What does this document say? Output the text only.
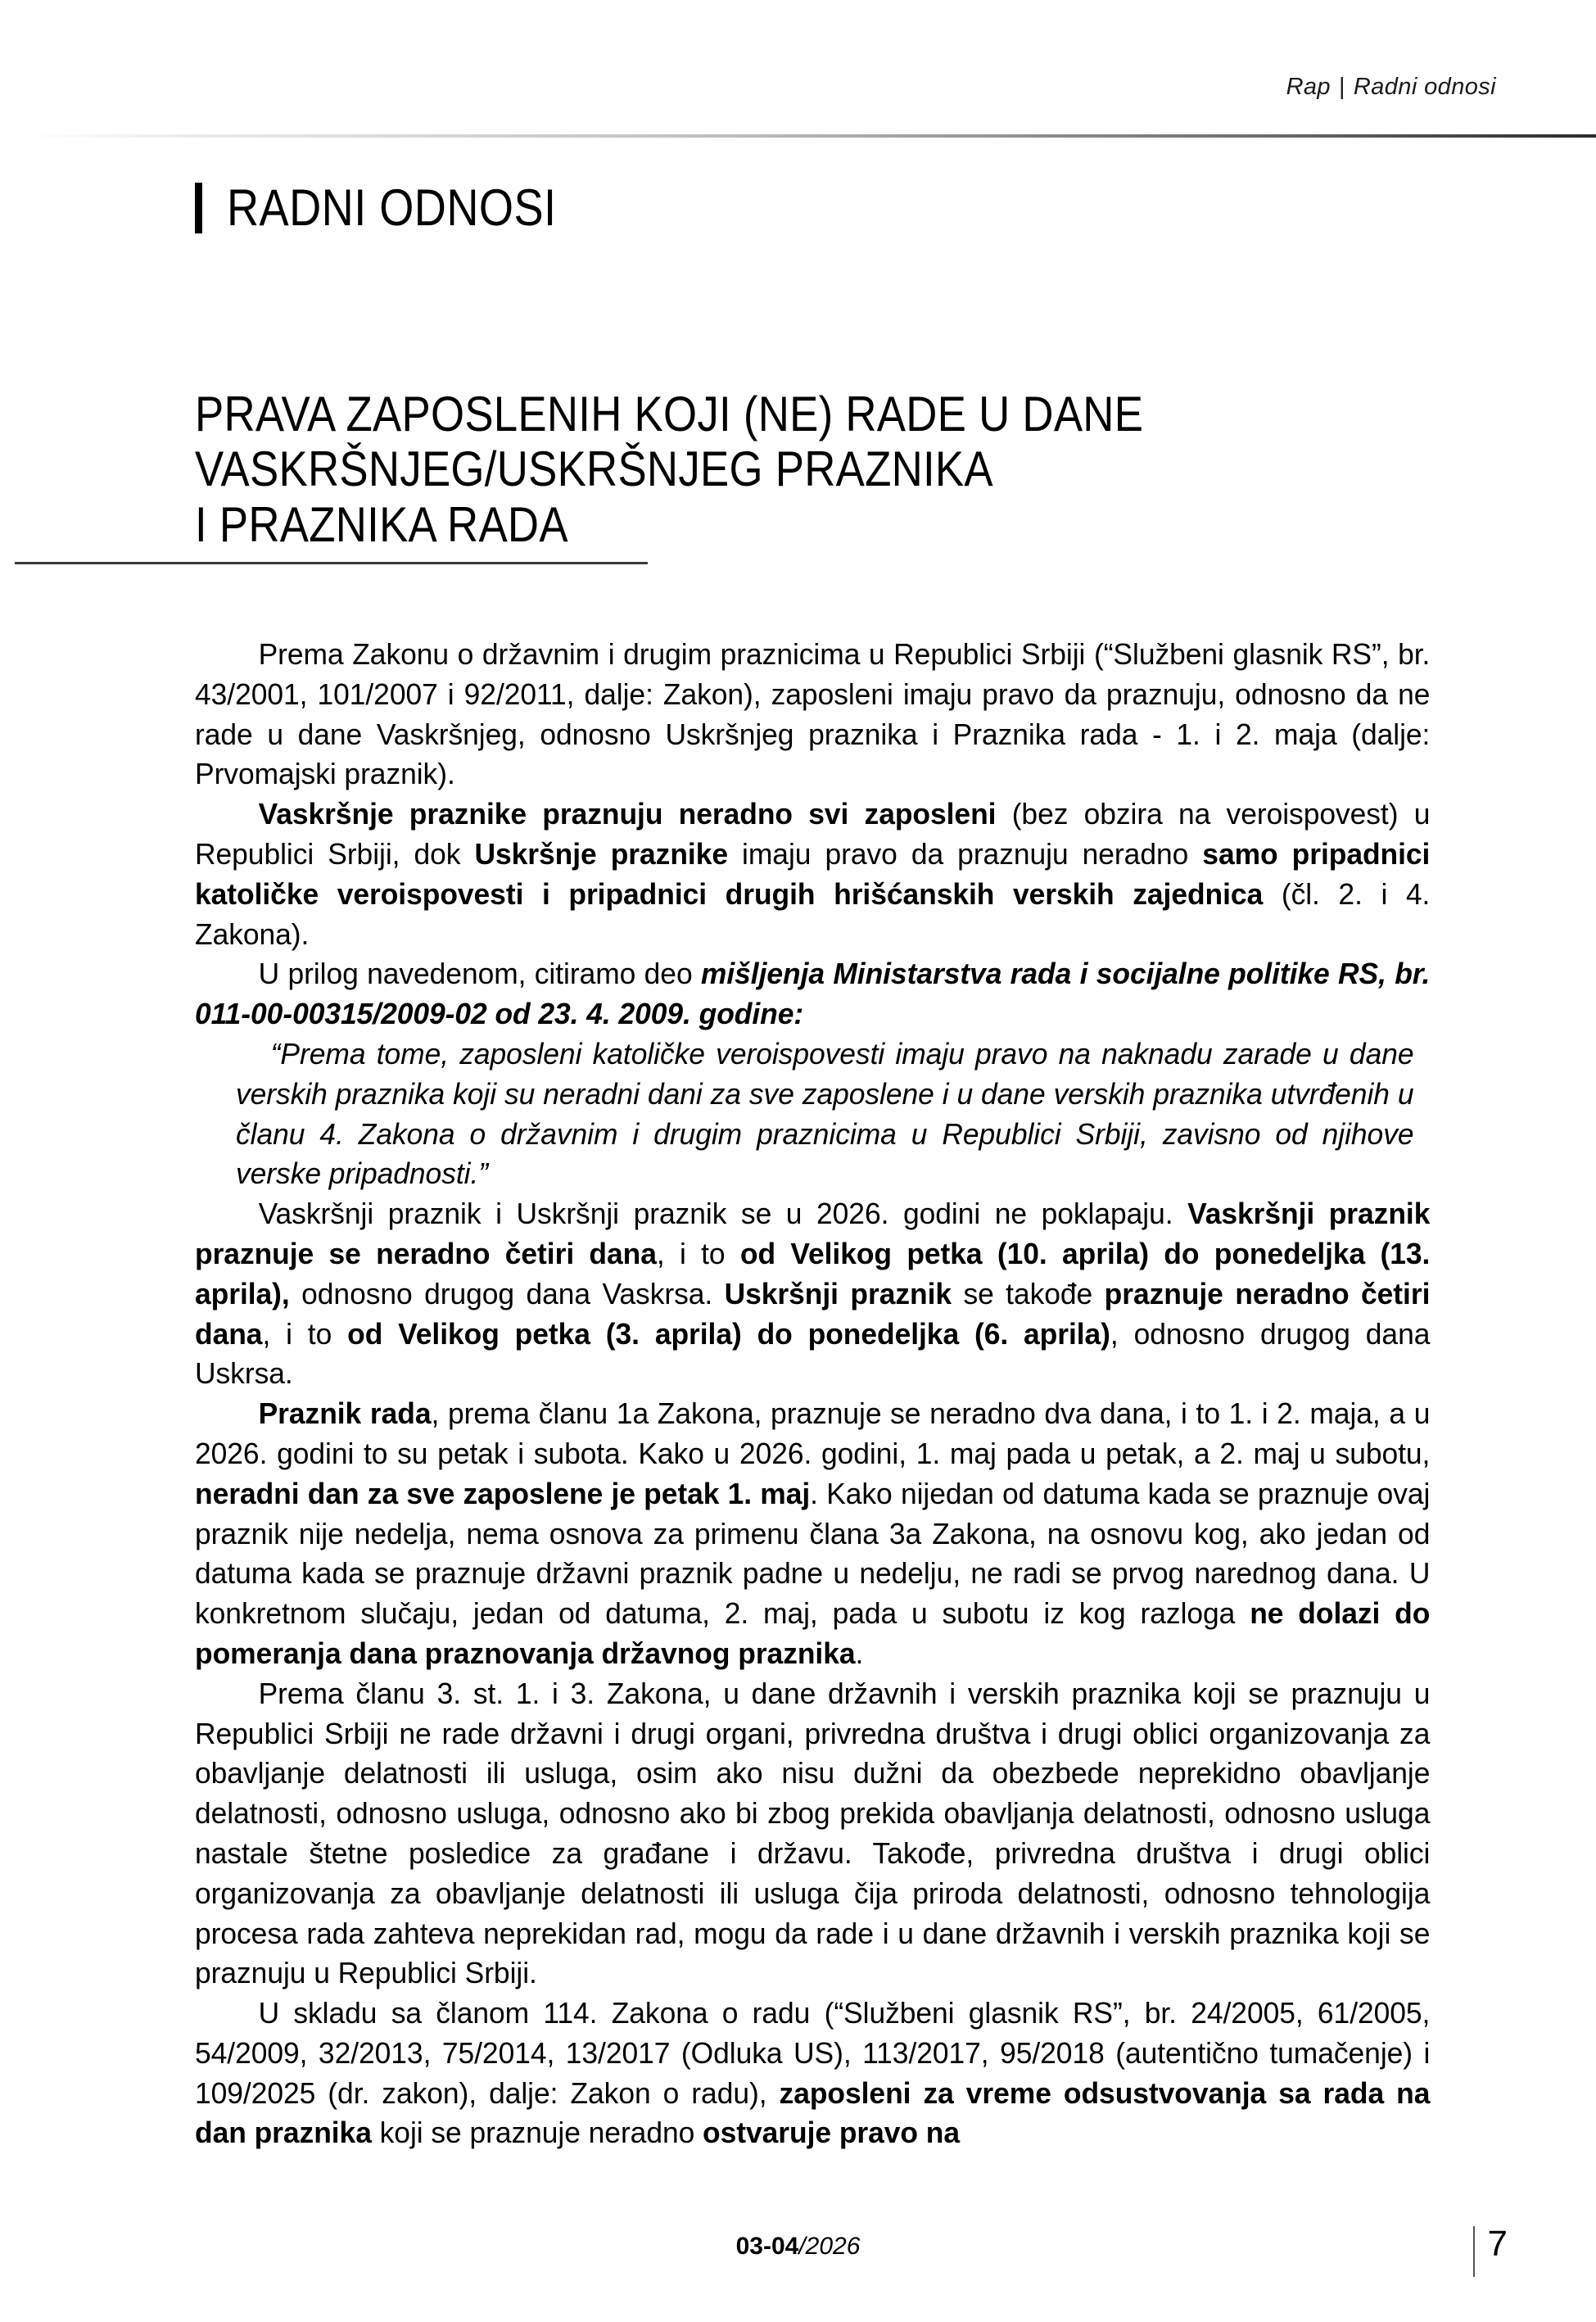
Rap | Radni odnosi
RADNI ODNOSI
PRAVA ZAPOSLENIH KOJI (NE) RADE U DANE
VASKRŠNJEG/USKRŠNJEG PRAZNIKA
I PRAZNIKA RADA

Prema Zakonu o državnim i drugim praznicima u Republici Srbiji (“Službeni glasnik RS”, br. 43/2001, 101/2007 i 92/2011, dalje: Zakon), zaposleni imaju pravo da praznuju, odnosno da ne rade u dane Vaskršnjeg, odnosno Uskršnjeg praznika i Praznika rada - 1. i 2. maja (dalje: Prvomajski praznik).

Vaskršnje praznike praznuju neradno svi zaposleni (bez obzira na veroispovest) u Republici Srbiji, dok Uskršnje praznike imaju pravo da praznuju neradno samo pripadnici katoličke veroispovesti i pripadnici drugih hrišćanskih verskih zajednica (čl. 2. i 4. Zakona).

U prilog navedenom, citiramo deo mišljenja Ministarstva rada i socijalne politike RS, br. 011-00-00315/2009-02 od 23. 4. 2009. godine:

“Prema tome, zaposleni katoličke veroispovesti imaju pravo na naknadu zarade u dane verskih praznika koji su neradni dani za sve zaposlene i u dane verskih praznika utvrđenih u članu 4. Zakona o državnim i drugim praznicima u Republici Srbiji, zavisno od njihove verske pripadnosti.”

Vaskršnji praznik i Uskršnji praznik se u 2026. godini ne poklapaju. Vaskršnji praznik praznuje se neradno četiri dana, i to od Velikog petka (10. aprila) do ponedeljka (13. aprila), odnosno drugog dana Vaskrsa. Uskršnji praznik se takođe praznuje neradno četiri dana, i to od Velikog petka (3. aprila) do ponedeljka (6. aprila), odnosno drugog dana Uskrsa.

Praznik rada, prema članu 1a Zakona, praznuje se neradno dva dana, i to 1. i 2. maja, a u 2026. godini to su petak i subota. Kako u 2026. godini, 1. maj pada u petak, a 2. maj u subotu, neradni dan za sve zaposlene je petak 1. maj. Kako nijedan od datuma kada se praznuje ovaj praznik nije nedelja, nema osnova za primenu člana 3a Zakona, na osnovu kog, ako jedan od datuma kada se praznuje državni praznik padne u nedelju, ne radi se prvog narednog dana. U konkretnom slučaju, jedan od datuma, 2. maj, pada u subotu iz kog razloga ne dolazi do pomeranja dana praznovanja državnog praznika.

Prema članu 3. st. 1. i 3. Zakona, u dane državnih i verskih praznika koji se praznuju u Republici Srbiji ne rade državni i drugi organi, privredna društva i drugi oblici organizovanja za obavljanje delatnosti ili usluga, osim ako nisu dužni da obezbede neprekidno obavljanje delatnosti, odnosno usluga, odnosno ako bi zbog prekida obavljanja delatnosti, odnosno usluga nastale štetne posledice za građane i državu. Takođe, privredna društva i drugi oblici organizovanja za obavljanje delatnosti ili usluga čija priroda delatnosti, odnosno tehnologija procesa rada zahteva neprekidan rad, mogu da rade i u dane državnih i verskih praznika koji se praznuju u Republici Srbiji.

U skladu sa članom 114. Zakona o radu (“Službeni glasnik RS”, br. 24/2005, 61/2005, 54/2009, 32/2013, 75/2014, 13/2017 (Odluka US), 113/2017, 95/2018 (autentično tumačenje) i 109/2025 (dr. zakon), dalje: Zakon o radu), zaposleni za vreme odsustvovanja sa rada na dan praznika koji se praznuje neradno ostvaruje pravo na

03-04/2026	7
